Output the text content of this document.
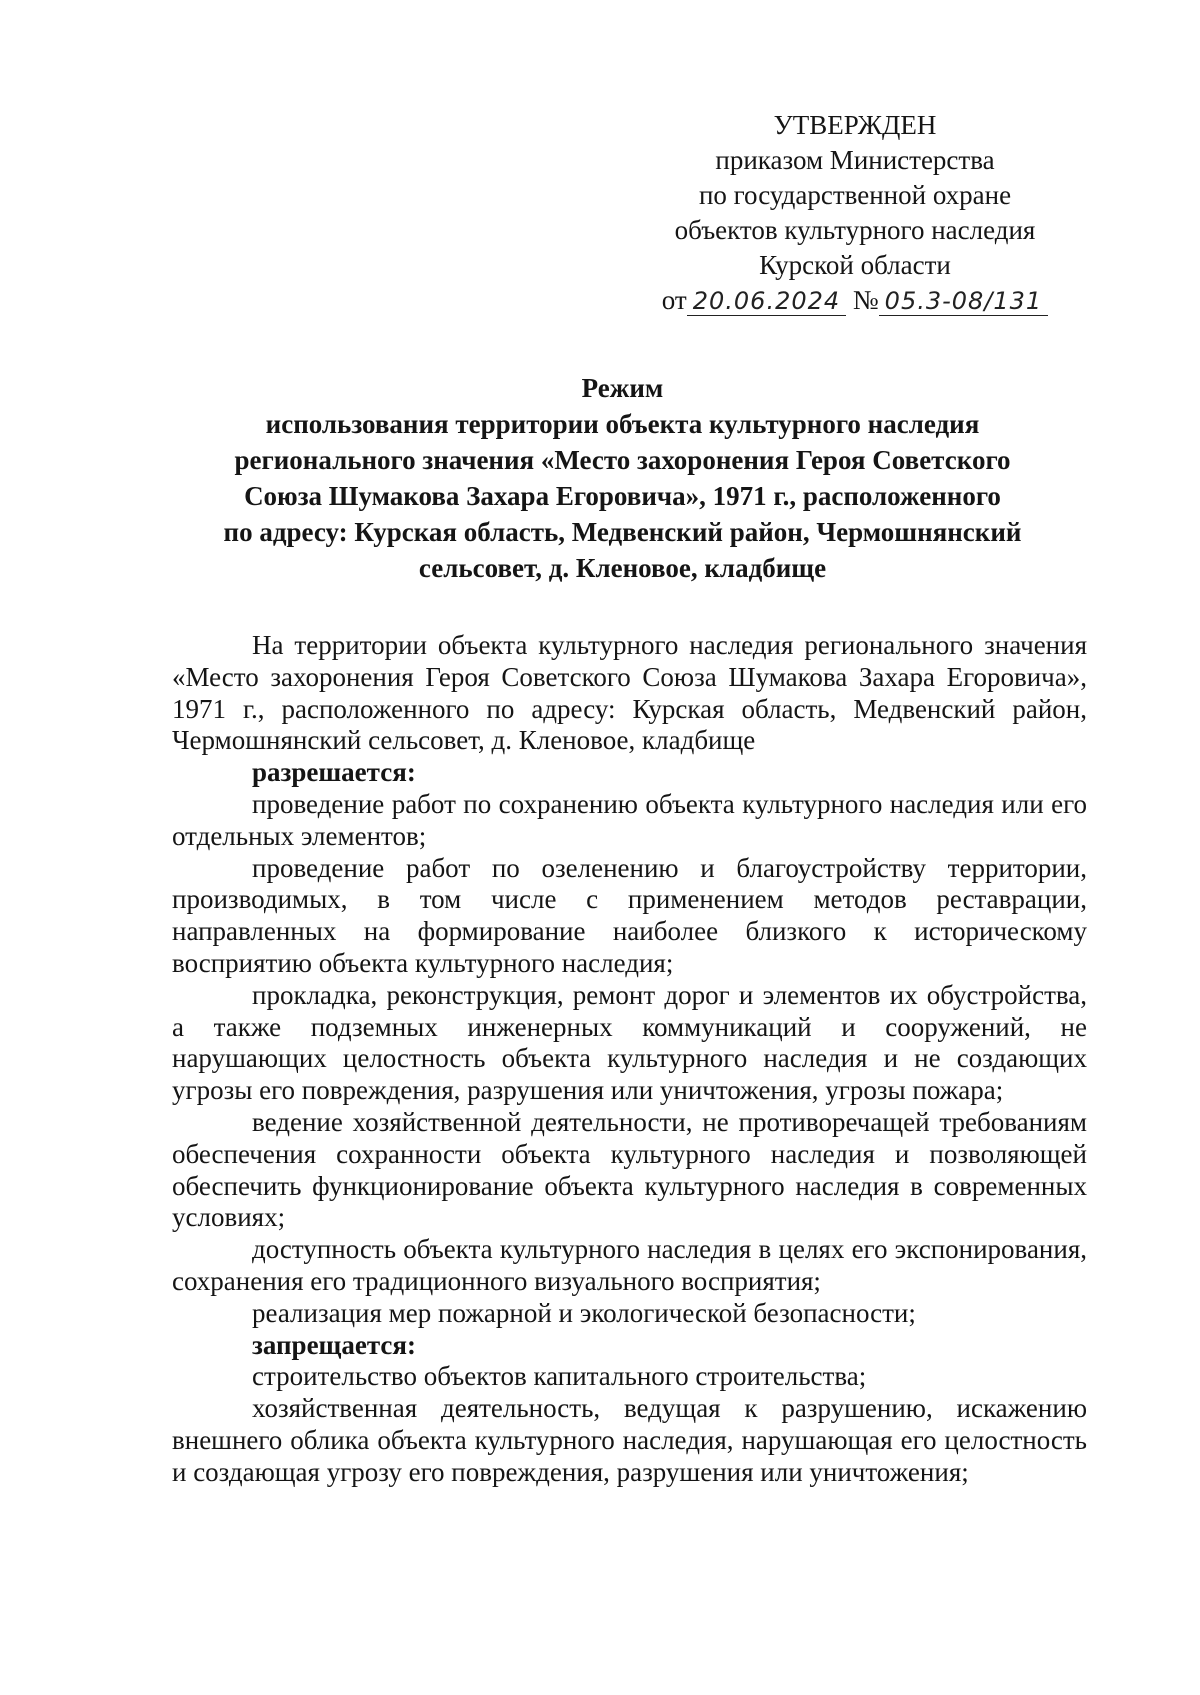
УТВЕРЖДЕН
приказом Министерства
по государственной охране
объектов культурного наследия
Курской области
от 20.06.2024 № 05.3-08/131
Режим
использования территории объекта культурного наследия
регионального значения «Место захоронения Героя Советского
Союза Шумакова Захара Егоровича», 1971 г., расположенного
по адресу: Курская область, Медвенский район, Чермошнянский
сельсовет, д. Кленовое, кладбище

На территории объекта культурного наследия регионального значения «Место захоронения Героя Советского Союза Шумакова Захара Егоровича», 1971 г., расположенного по адресу: Курская область, Медвенский район, Чермошнянский сельсовет, д. Кленовое, кладбище

разрешается:

проведение работ по сохранению объекта культурного наследия или его отдельных элементов;

проведение работ по озеленению и благоустройству территории, производимых, в том числе с применением методов реставрации, направленных на формирование наиболее близкого к историческому восприятию объекта культурного наследия;

прокладка, реконструкция, ремонт дорог и элементов их обустройства, а также подземных инженерных коммуникаций и сооружений, не нарушающих целостность объекта культурного наследия и не создающих угрозы его повреждения, разрушения или уничтожения, угрозы пожара;

ведение хозяйственной деятельности, не противоречащей требованиям обеспечения сохранности объекта культурного наследия и позволяющей обеспечить функционирование объекта культурного наследия в современных условиях;

доступность объекта культурного наследия в целях его экспонирования, сохранения его традиционного визуального восприятия;

реализация мер пожарной и экологической безопасности;

запрещается:

строительство объектов капитального строительства;

хозяйственная деятельность, ведущая к разрушению, искажению внешнего облика объекта культурного наследия, нарушающая его целостность и создающая угрозу его повреждения, разрушения или уничтожения;
